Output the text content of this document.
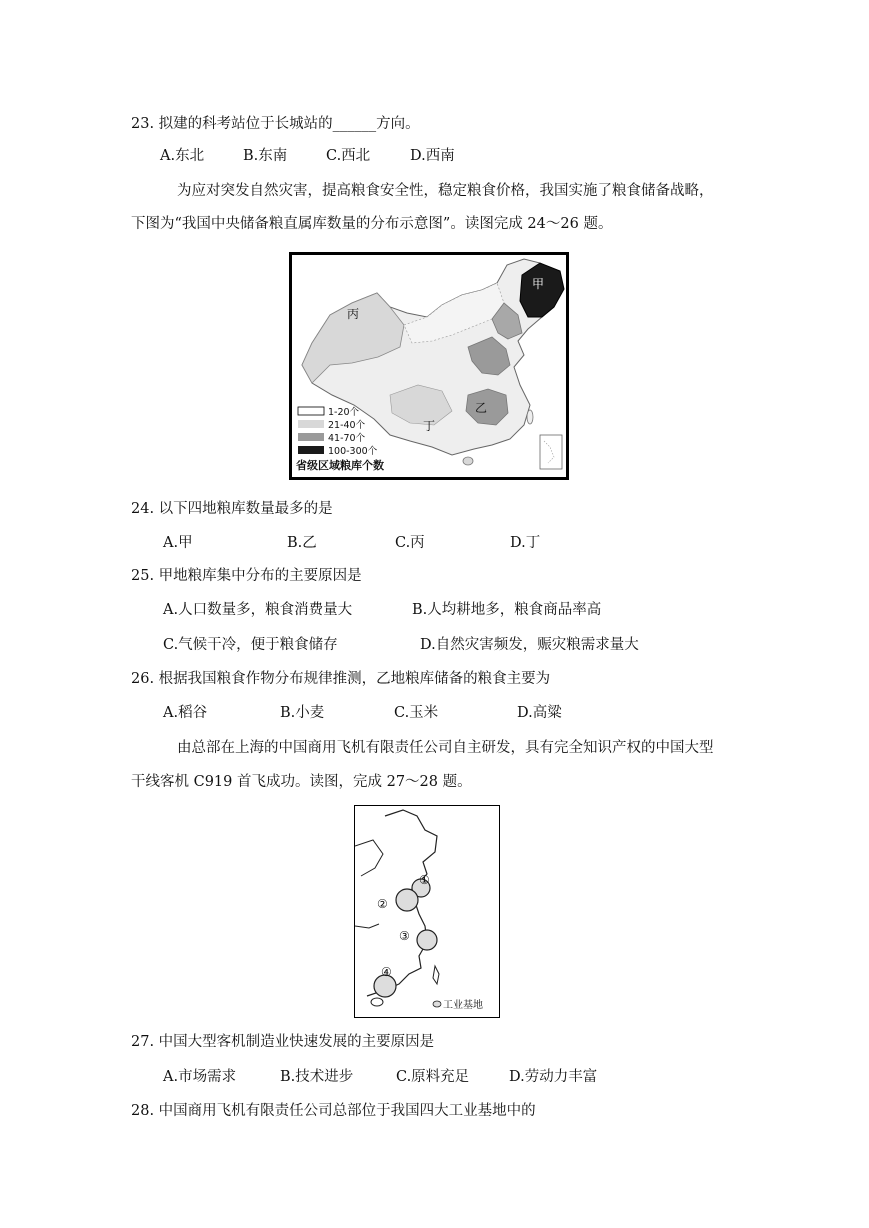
23. 拟建的科考站位于长城站的______方向。
A.东北	B.东南	C.西北	D.西南
为应对突发自然灾害，提高粮食安全性，稳定粮食价格，我国实施了粮食储备战略，
下图为“我国中央储备粮直属库数量的分布示意图”。读图完成 24～26 题。
甲
乙
丙
丁
1-20个
21-40个
41-70个
100-300个
省级区域粮库个数
24. 以下四地粮库数量最多的是
A.甲	B.乙	C.丙	D.丁
25. 甲地粮库集中分布的主要原因是
A.人口数量多，粮食消费量大	B.人均耕地多，粮食商品率高
C.气候干冷，便于粮食储存	D.自然灾害频发，赈灾粮需求量大
26. 根据我国粮食作物分布规律推测，乙地粮库储备的粮食主要为
A.稻谷	B.小麦	C.玉米	D.高粱
由总部在上海的中国商用飞机有限责任公司自主研发，具有完全知识产权的中国大型
干线客机 C919 首飞成功。读图，完成 27～28 题。
①
②
③
④
工业基地
27. 中国大型客机制造业快速发展的主要原因是
A.市场需求	B.技术进步	C.原料充足	D.劳动力丰富
28. 中国商用飞机有限责任公司总部位于我国四大工业基地中的
